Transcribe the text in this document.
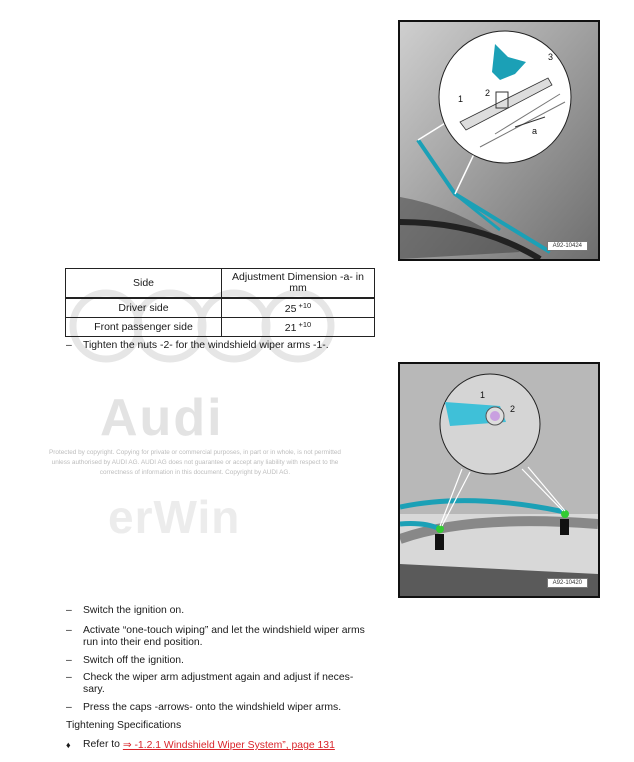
Audi
Protected by copyright. Copying for private or commercial purposes, in part or in whole, is not permitted unless authorised by AUDI AG. AUDI AG does not guarantee or accept any liability with respect to the correctness of information in this document. Copyright by AUDI AG.
erWin
1
2
3
a
A92-10424
Side	Adjustment Dimension -a- in mm
Driver side	25 $^{+10}$
Front passenger side	21 $^{+10}$
–	Tighten the nuts -2- for the windshield wiper arms -1-.
1
2
A92-10420
–	Switch the ignition on.
–	Activate “one-touch wiping” and let the windshield wiper arms run into their end position.
–	Switch off the ignition.
–	Check the wiper arm adjustment again and adjust if neces-sary.
–	Press the caps -arrows- onto the windshield wiper arms.
Tightening Specifications
♦	Refer to ⇒ -1.2.1 Windshield Wiper System”, page 131
